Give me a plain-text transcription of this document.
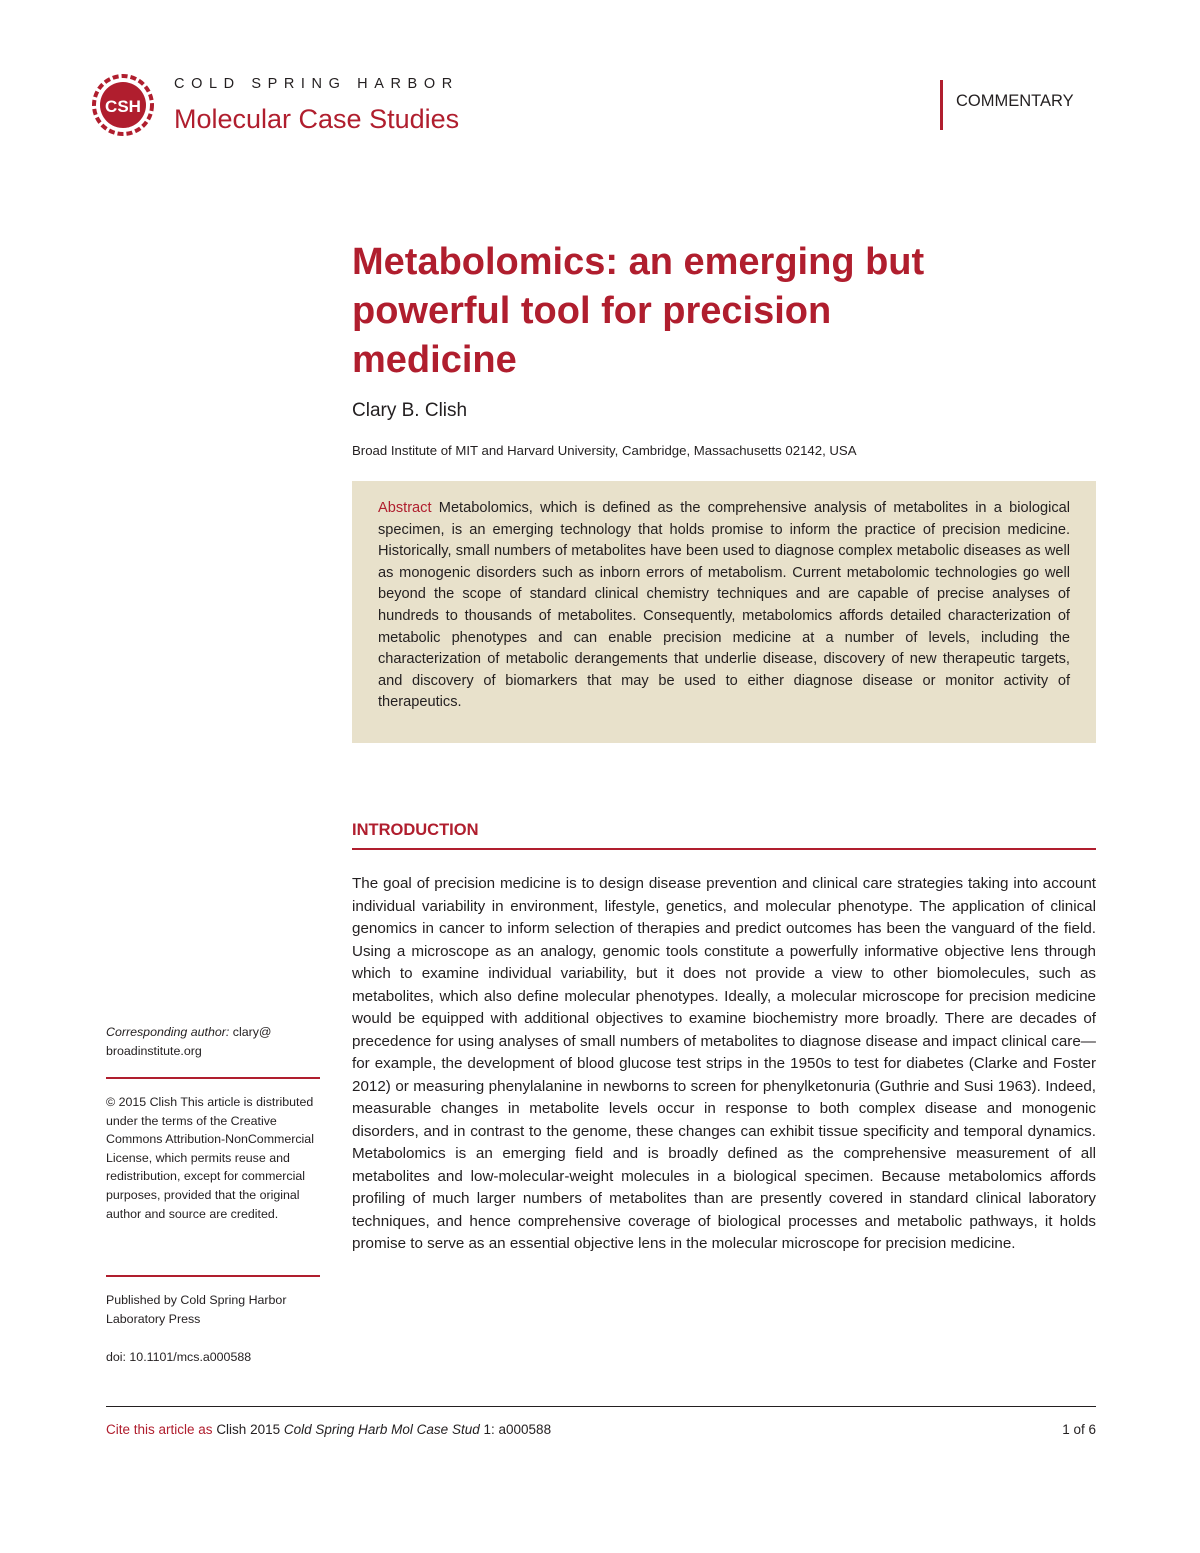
CSH
COLD SPRING HARBOR
Molecular Case Studies
COMMENTARY
Metabolomics: an emerging but powerful tool for precision medicine
Clary B. Clish
Broad Institute of MIT and Harvard University, Cambridge, Massachusetts 02142, USA

Abstract Metabolomics, which is defined as the comprehensive analysis of metabolites in a biological specimen, is an emerging technology that holds promise to inform the practice of precision medicine. Historically, small numbers of metabolites have been used to diagnose complex metabolic diseases as well as monogenic disorders such as inborn errors of metabolism. Current metabolomic technologies go well beyond the scope of standard clinical chemistry techniques and are capable of precise analyses of hundreds to thousands of metabolites. Consequently, metabolomics affords detailed characterization of metabolic phenotypes and can enable precision medicine at a number of levels, including the characterization of metabolic derangements that underlie disease, discovery of new therapeutic targets, and discovery of biomarkers that may be used to either diagnose disease or monitor activity of therapeutics.

INTRODUCTION

The goal of precision medicine is to design disease prevention and clinical care strategies taking into account individual variability in environment, lifestyle, genetics, and molecular phenotype. The application of clinical genomics in cancer to inform selection of therapies and predict outcomes has been the vanguard of the field. Using a microscope as an analogy, genomic tools constitute a powerfully informative objective lens through which to examine individual variability, but it does not provide a view to other biomolecules, such as metabolites, which also define molecular phenotypes. Ideally, a molecular microscope for precision medicine would be equipped with additional objectives to examine biochemistry more broadly. There are decades of precedence for using analyses of small numbers of metabolites to diagnose disease and impact clinical care—for example, the development of blood glucose test strips in the 1950s to test for diabetes (Clarke and Foster 2012) or measuring phenylalanine in newborns to screen for phenylketonuria (Guthrie and Susi 1963). Indeed, measurable changes in metabolite levels occur in response to both complex disease and monogenic disorders, and in contrast to the genome, these changes can exhibit tissue specificity and temporal dynamics. Metabolomics is an emerging field and is broadly defined as the comprehensive measurement of all metabolites and low-molecular-weight molecules in a biological specimen. Because metabolomics affords profiling of much larger numbers of metabolites than are presently covered in standard clinical laboratory techniques, and hence comprehensive coverage of biological processes and metabolic pathways, it holds promise to serve as an essential objective lens in the molecular microscope for precision medicine.

Corresponding author: clary@ broadinstitute.org
© 2015 Clish This article is distributed under the terms of the Creative Commons Attribution-NonCommercial License, which permits reuse and redistribution, except for commercial purposes, provided that the original author and source are credited.
Published by Cold Spring Harbor Laboratory Press
doi: 10.1101/mcs.a000588
Cite this article as Clish 2015 Cold Spring Harb Mol Case Stud 1: a000588	1 of 6
